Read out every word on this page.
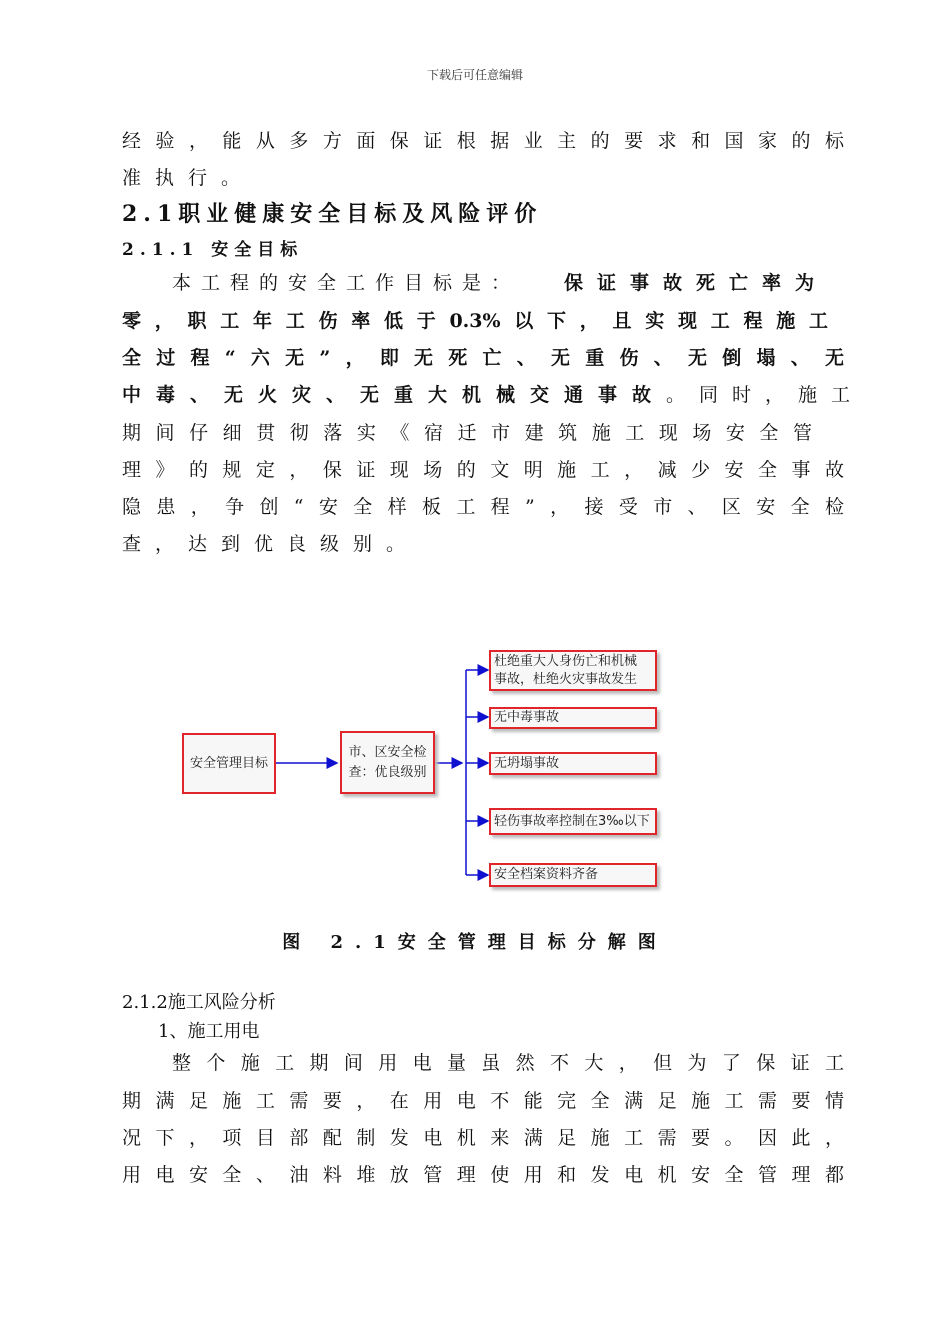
下载后可任意编辑
经验，能从多方面保证根据业主的要求和国家的标
准执行。
2.1职业健康安全目标及风险评价
2.1.1 安全目标
本工程的安全工作目标是： 保证事故死亡率为
零，职工年工伤率低于0.3%以下，且实现工程施工
全过程“六无”，即无死亡、无重伤、无倒塌、无
中毒、无火灾、无重大机械交通事故 。同时，施工
期间仔细贯彻落实《宿迁市建筑施工现场安全管
理》的规定，保证现场的文明施工，减少安全事故
隐患，争创“安全样板工程”，接受市、区安全检
查，达到优良级别。
安全管理目标
市、区安全检
查：优良级别
杜绝重大人身伤亡和机械
事故，杜绝火灾事故发生
无中毒事故
无坍塌事故
轻伤事故率控制在3‰以下
安全档案资料齐备
图 2.1安全管理目标分解图
2.1.2施工风险分析
1、施工用电
整个施工期间用电量虽然不大，但为了保证工
期满足施工需要，在用电不能完全满足施工需要情
况下，项目部配制发电机来满足施工需要。因此，
用电安全、油料堆放管理使用和发电机安全管理都
